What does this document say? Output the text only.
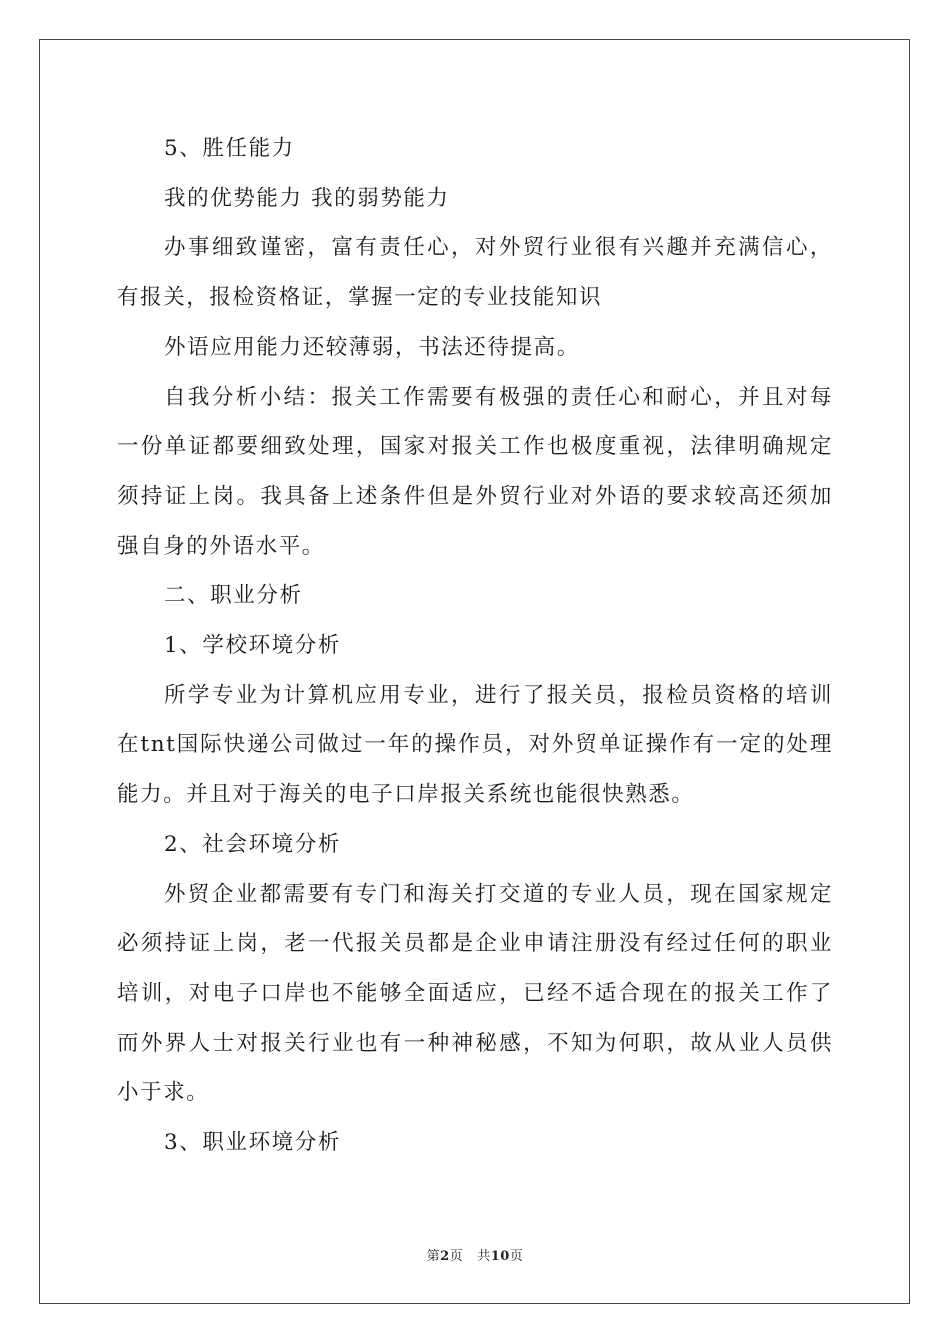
5、胜任能力

我的优势能力 我的弱势能力

办事细致谨密，富有责任心，对外贸行业很有兴趣并充满信心，有报关，报检资格证，掌握一定的专业技能知识

外语应用能力还较薄弱，书法还待提高。

自我分析小结：报关工作需要有极强的责任心和耐心，并且对每一份单证都要细致处理，国家对报关工作也极度重视，法律明确规定须持证上岗。我具备上述条件但是外贸行业对外语的要求较高还须加强自身的外语水平。

二、职业分析

1、学校环境分析

所学专业为计算机应用专业，进行了报关员，报检员资格的培训在tnt国际快递公司做过一年的操作员，对外贸单证操作有一定的处理能力。并且对于海关的电子口岸报关系统也能很快熟悉。

2、社会环境分析

外贸企业都需要有专门和海关打交道的专业人员，现在国家规定必须持证上岗，老一代报关员都是企业申请注册没有经过任何的职业培训，对电子口岸也不能够全面适应，已经不适合现在的报关工作了而外界人士对报关行业也有一种神秘感，不知为何职，故从业人员供小于求。

3、职业环境分析

第2页 共10页
